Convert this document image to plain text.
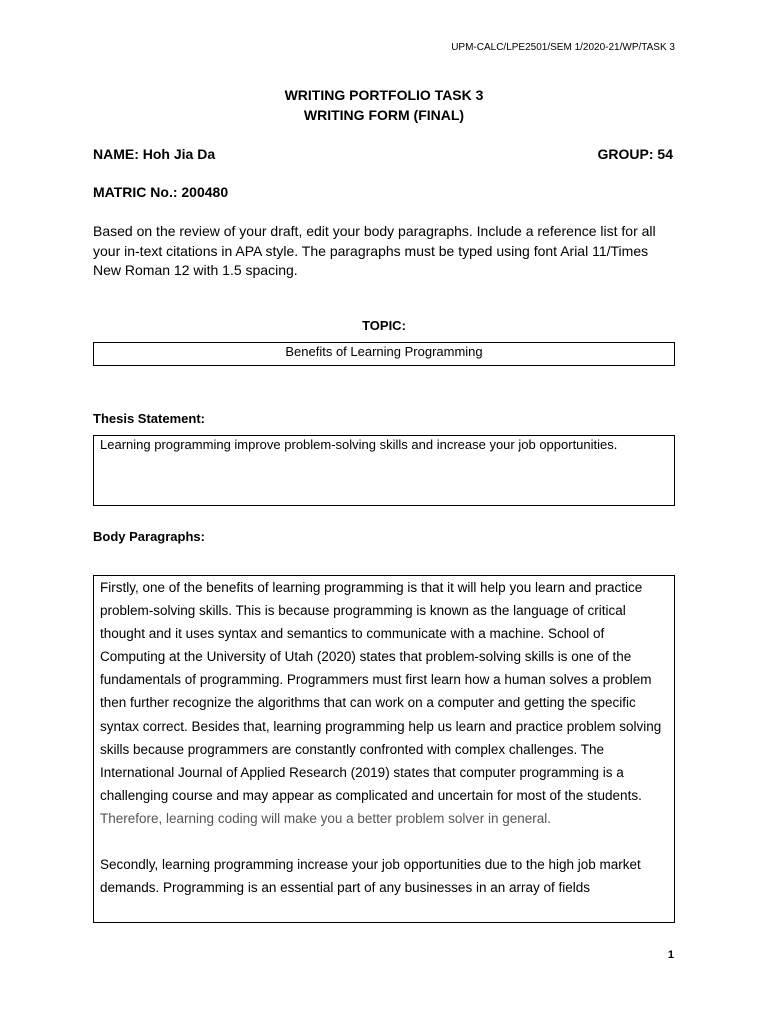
UPM-CALC/LPE2501/SEM 1/2020-21/WP/TASK 3
WRITING PORTFOLIO TASK 3
WRITING FORM (FINAL)
NAME: Hoh Jia Da	GROUP: 54
MATRIC No.: 200480
Based on the review of your draft, edit your body paragraphs. Include a reference list for all your in-text citations in APA style. The paragraphs must be typed using font Arial 11/Times New Roman 12 with 1.5 spacing.
TOPIC:
Benefits of Learning Programming
Thesis Statement:
Learning programming improve problem-solving skills and increase your job opportunities.
Body Paragraphs:

Firstly, one of the benefits of learning programming is that it will help you learn and practice problem-solving skills. This is because programming is known as the language of critical thought and it uses syntax and semantics to communicate with a machine. School of Computing at the University of Utah (2020) states that problem-solving skills is one of the fundamentals of programming. Programmers must first learn how a human solves a problem then further recognize the algorithms that can work on a computer and getting the specific syntax correct. Besides that, learning programming help us learn and practice problem solving skills because programmers are constantly confronted with complex challenges. The International Journal of Applied Research (2019) states that computer programming is a challenging course and may appear as complicated and uncertain for most of the students. Therefore, learning coding will make you a better problem solver in general.

Secondly, learning programming increase your job opportunities due to the high job market demands. Programming is an essential part of any businesses in an array of fields

1
